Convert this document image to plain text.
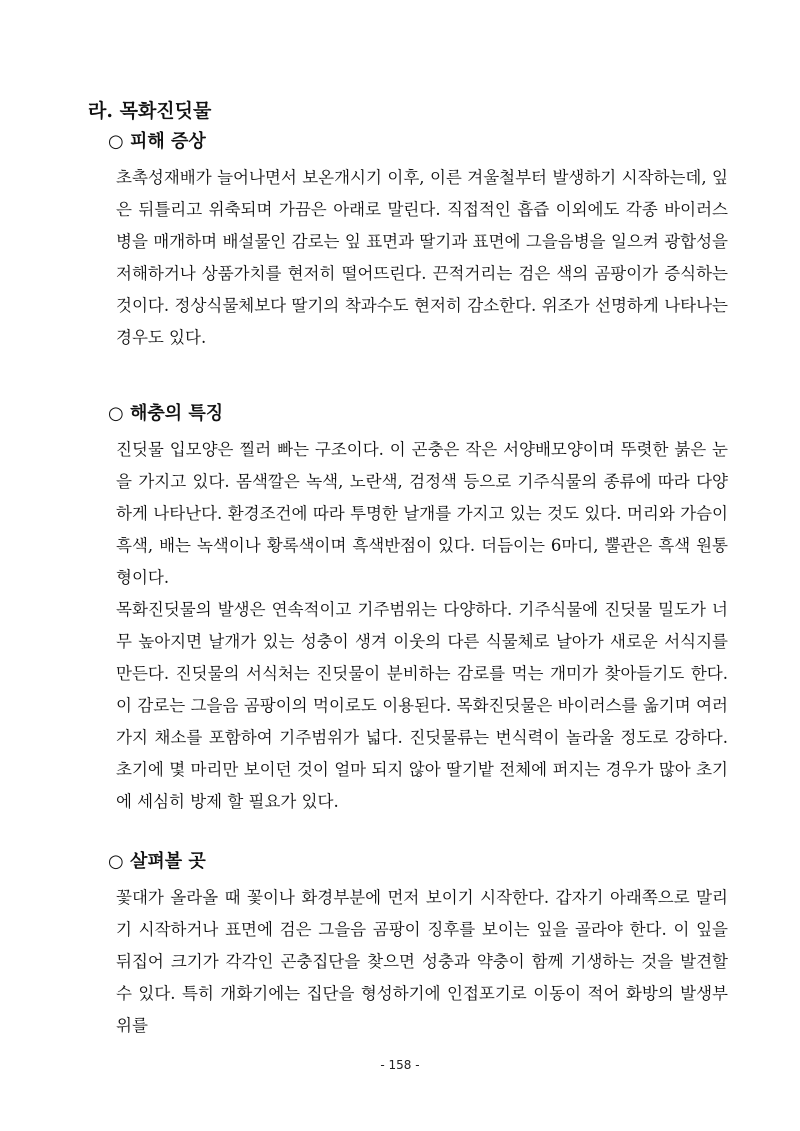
라. 목화진딧물
○ 피해 증상

초촉성재배가 늘어나면서 보온개시기 이후, 이른 겨울철부터 발생하기 시작하는데, 잎은 뒤틀리고 위축되며 가끔은 아래로 말린다. 직접적인 흡즙 이외에도 각종 바이러스병을 매개하며 배설물인 감로는 잎 표면과 딸기과 표면에 그을음병을 일으켜 광합성을 저해하거나 상품가치를 현저히 떨어뜨린다. 끈적거리는 검은 색의 곰팡이가 증식하는 것이다. 정상식물체보다 딸기의 착과수도 현저히 감소한다. 위조가 선명하게 나타나는 경우도 있다.

○ 해충의 특징

진딧물 입모양은 찔러 빠는 구조이다. 이 곤충은 작은 서양배모양이며 뚜렷한 붉은 눈을 가지고 있다. 몸색깔은 녹색, 노란색, 검정색 등으로 기주식물의 종류에 따라 다양하게 나타난다. 환경조건에 따라 투명한 날개를 가지고 있는 것도 있다. 머리와 가슴이 흑색, 배는 녹색이나 황록색이며 흑색반점이 있다. 더듬이는 6마디, 뿔관은 흑색 원통형이다.

목화진딧물의 발생은 연속적이고 기주범위는 다양하다. 기주식물에 진딧물 밀도가 너무 높아지면 날개가 있는 성충이 생겨 이웃의 다른 식물체로 날아가 새로운 서식지를 만든다. 진딧물의 서식처는 진딧물이 분비하는 감로를 먹는 개미가 찾아들기도 한다. 이 감로는 그을음 곰팡이의 먹이로도 이용된다. 목화진딧물은 바이러스를 옮기며 여러 가지 채소를 포함하여 기주범위가 넓다. 진딧물류는 번식력이 놀라울 정도로 강하다. 초기에 몇 마리만 보이던 것이 얼마 되지 않아 딸기밭 전체에 퍼지는 경우가 많아 초기에 세심히 방제 할 필요가 있다.

○ 살펴볼 곳

꽃대가 올라올 때 꽃이나 화경부분에 먼저 보이기 시작한다. 갑자기 아래쪽으로 말리기 시작하거나 표면에 검은 그을음 곰팡이 징후를 보이는 잎을 골라야 한다. 이 잎을 뒤집어 크기가 각각인 곤충집단을 찾으면 성충과 약충이 함께 기생하는 것을 발견할 수 있다. 특히 개화기에는 집단을 형성하기에 인접포기로 이동이 적어 화방의 발생부위를

- 158 -
